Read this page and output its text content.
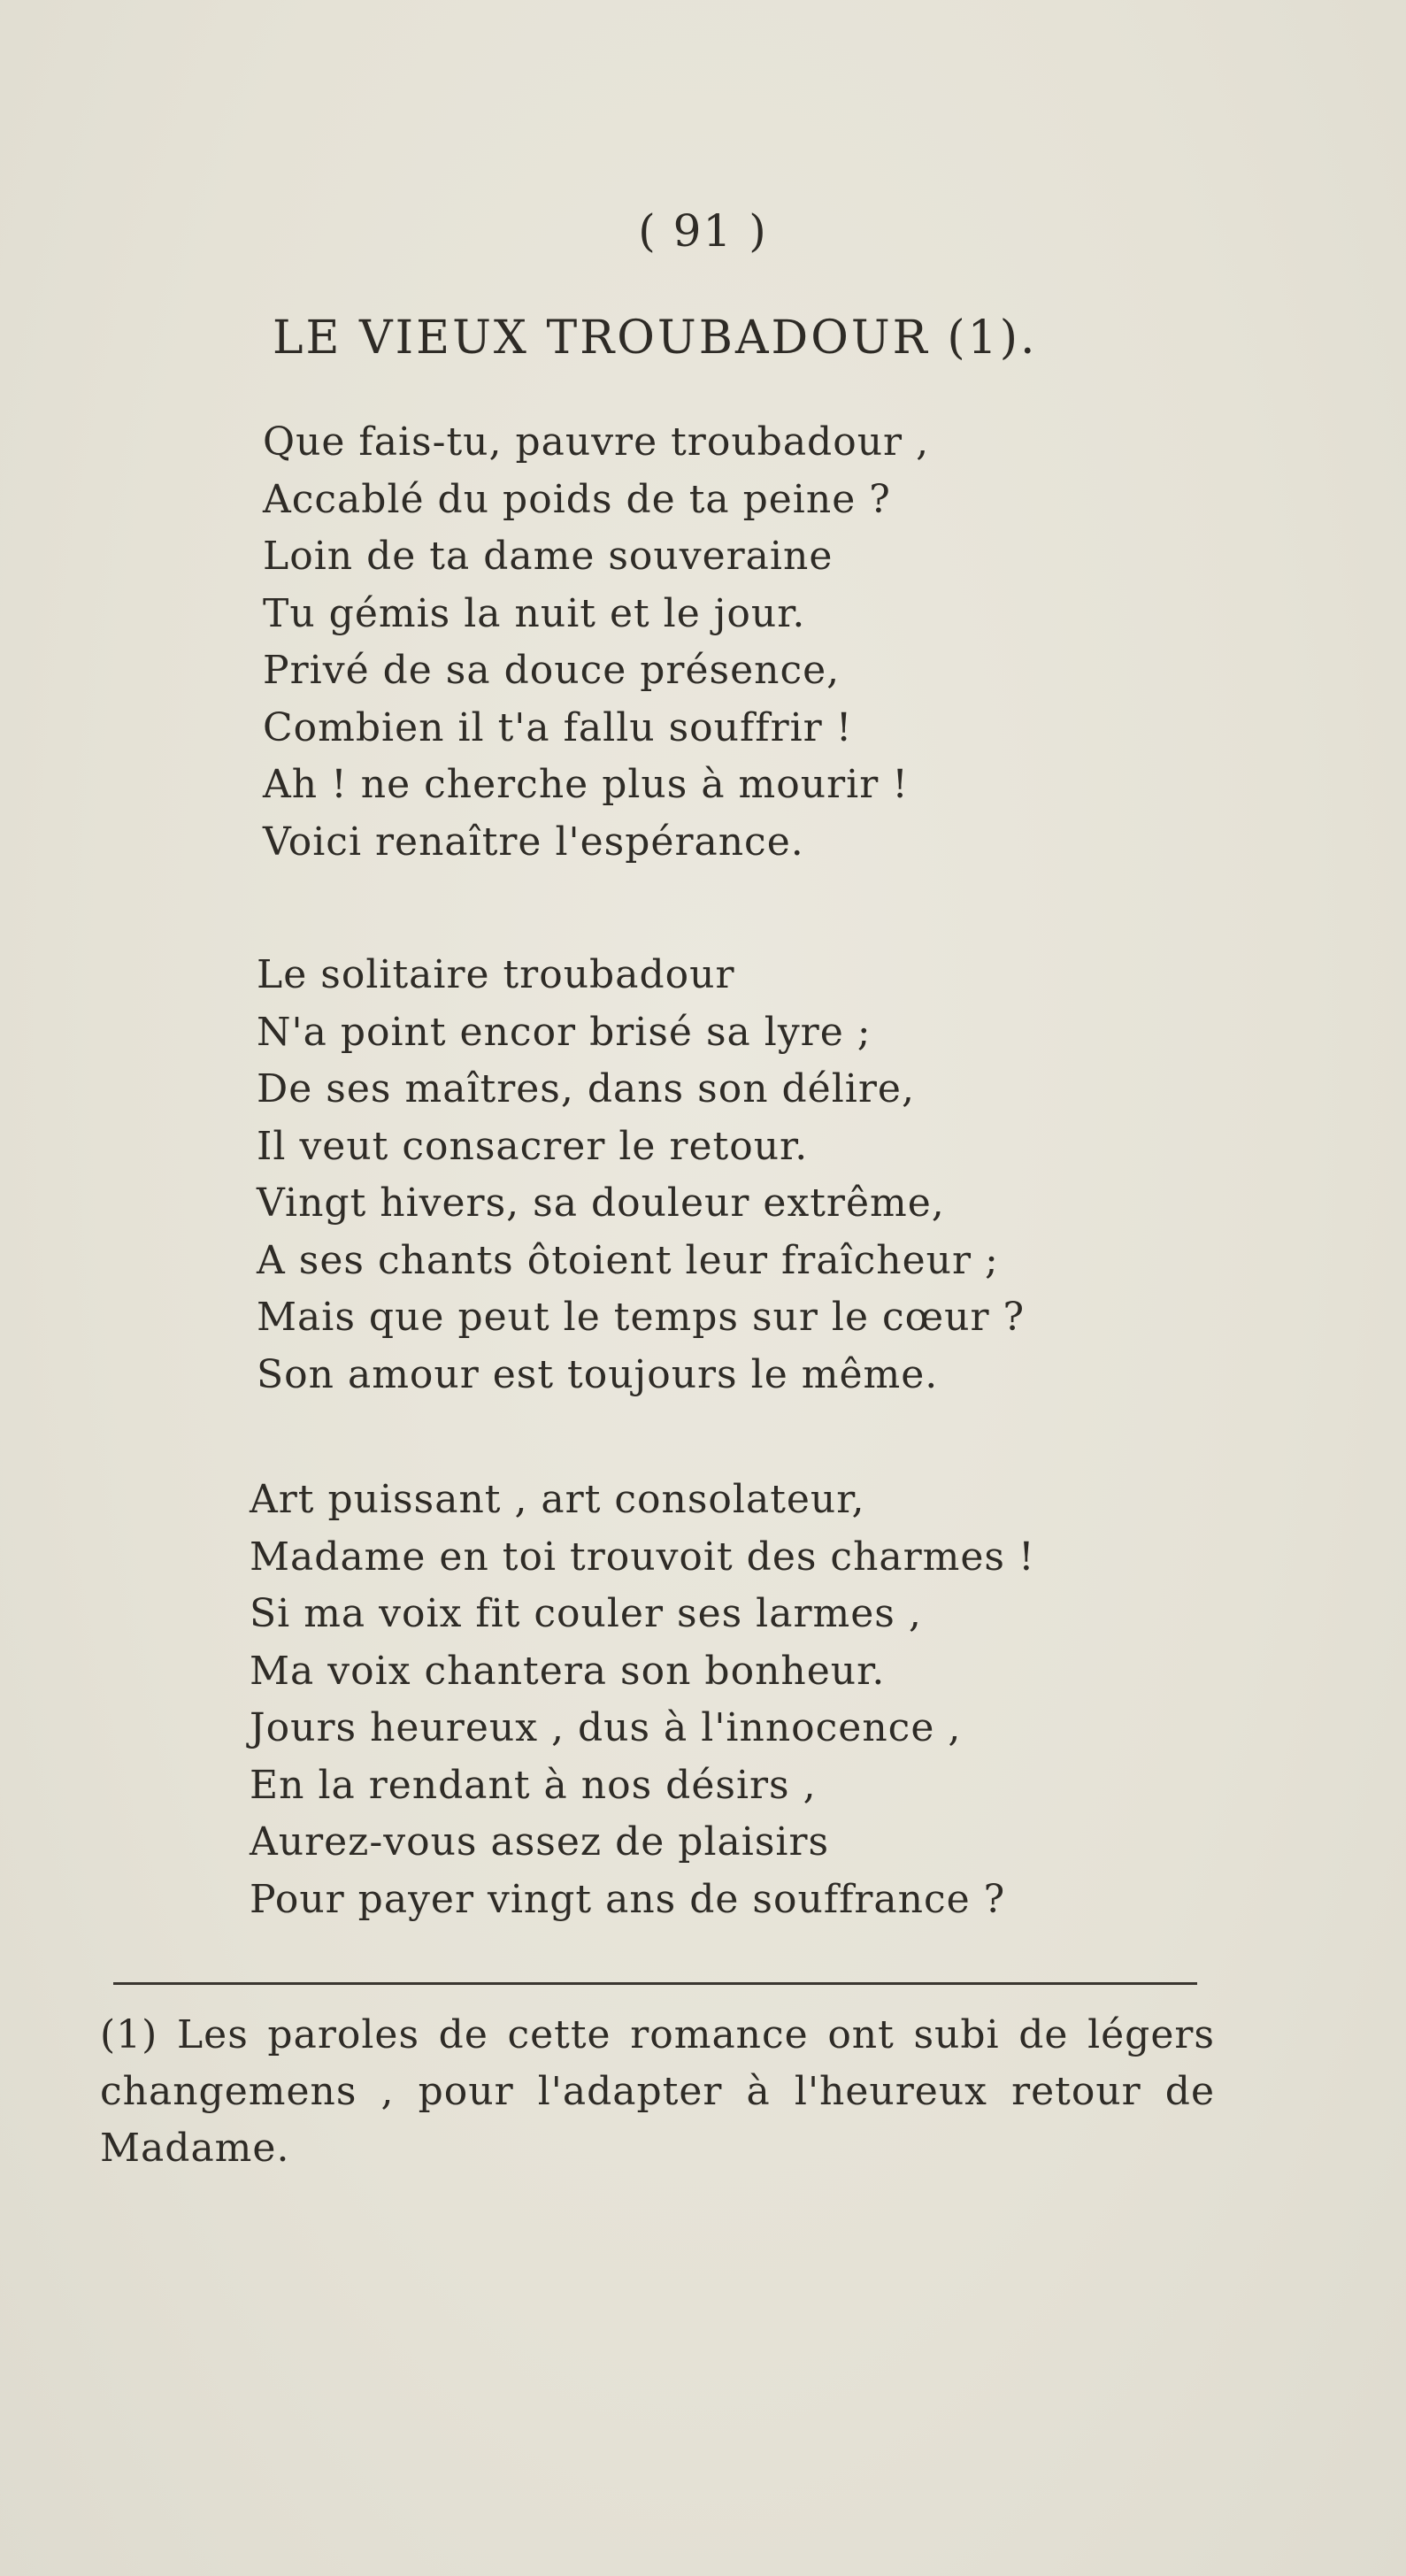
( 91 )
LE VIEUX TROUBADOUR (1).
Que fais-tu, pauvre troubadour ,
Accablé du poids de ta peine ?
Loin de ta dame souveraine
Tu gémis la nuit et le jour.
Privé de sa douce présence,
Combien il t'a fallu souffrir !
Ah ! ne cherche plus à mourir !
Voici renaître l'espérance.
Le solitaire troubadour
N'a point encor brisé sa lyre ;
De ses maîtres, dans son délire,
Il veut consacrer le retour.
Vingt hivers, sa douleur extrême,
A ses chants ôtoient leur fraîcheur ;
Mais que peut le temps sur le cœur ?
Son amour est toujours le même.
Art puissant , art consolateur,
Madame en toi trouvoit des charmes !
Si ma voix fit couler ses larmes ,
Ma voix chantera son bonheur.
Jours heureux , dus à l'innocence ,
En la rendant à nos désirs ,
Aurez-vous assez de plaisirs
Pour payer vingt ans de souffrance ?
(1) Les paroles de cette romance ont subi de légers
changemens , pour l'adapter à l'heureux retour de
Madame.
